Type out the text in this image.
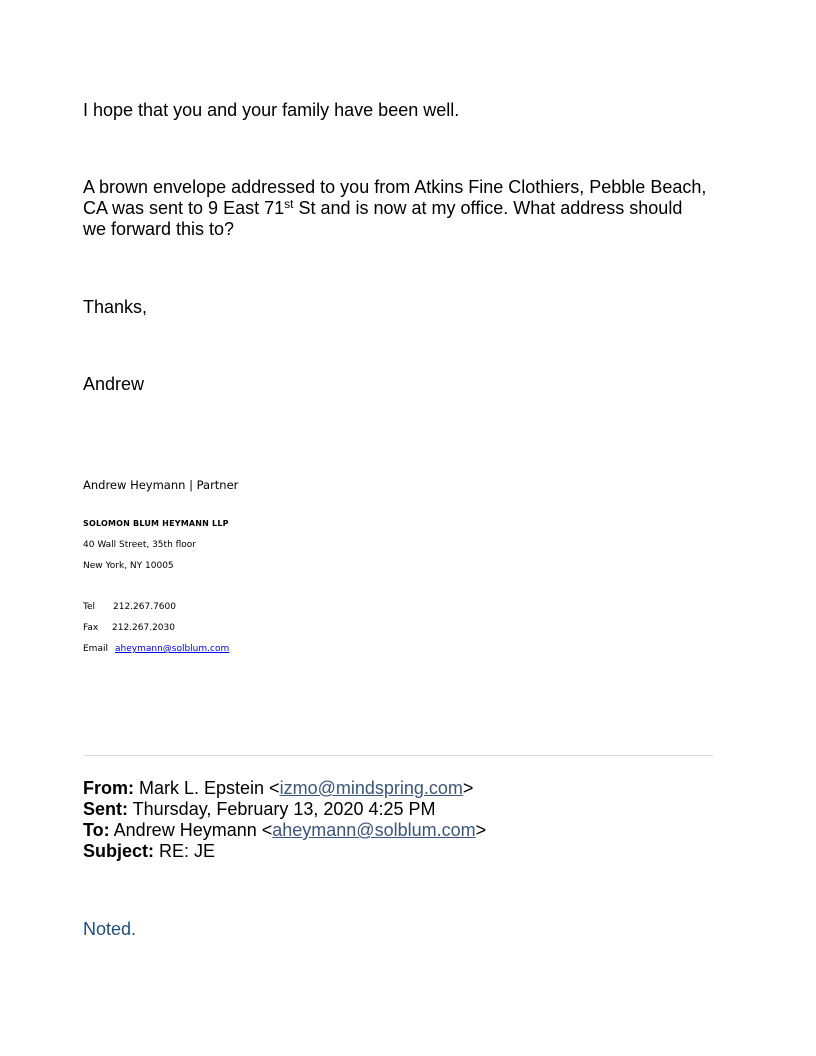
I hope that you and your family have been well.

A brown envelope addressed to you from Atkins Fine Clothiers, Pebble Beach,
CA was sent to 9 East 71st St and is now at my office. What address should
we forward this to?

Thanks,

Andrew

Andrew Heymann | Partner

SOLOMON BLUM HEYMANN LLP

40 Wall Street, 35th floor

New York, NY 10005

Tel 212.267.7600

Fax 212.267.2030

Email aheymann@solblum.com

From: Mark L. Epstein <izmo@mindspring.com>
Sent: Thursday, February 13, 2020 4:25 PM
To: Andrew Heymann <aheymann@solblum.com>
Subject: RE: JE

Noted.
